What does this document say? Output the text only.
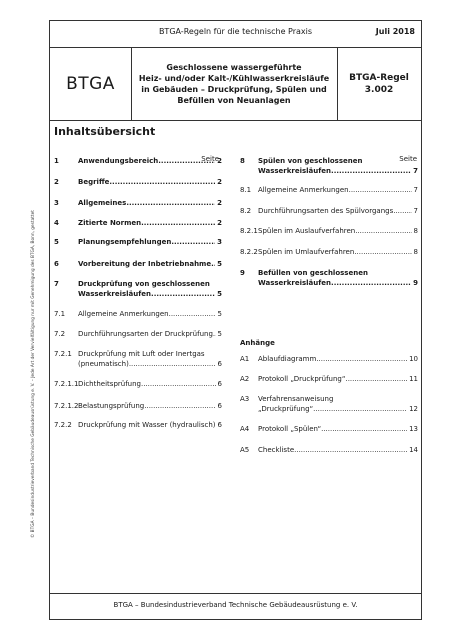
BTGA-Regeln für die technische Praxis	Juli 2018
BTGA
Geschlossene wassergeführte
Heiz- und/oder Kalt-/Kühlwasserkreisläufe
in Gebäuden – Druckprüfung, Spülen und
Befüllen von Neuanlagen
BTGA-Regel
3.002
Inhaltsübersicht
Seite	Seite
1	Anwendungsbereich .....	2
2	Begriffe .....	2
3	Allgemeines .....	2
4	Zitierte Normen .....	2
5	Planungsempfehlungen .....	3
6	Vorbereitung der Inbetriebnahme ..... 5
7	Druckprüfung von geschlossenen
Wasserkreisläufen .....	5
7.1 Allgemeine Anmerkungen .....	5
7.2 Durchführungsarten der Druckprüfung ..... 5
7.2.1 Druckprüfung mit Luft oder Inertgas
(pneumatisch) .....	6
7.2.1.1 Dichtheitsprüfung .....	6
7.2.1.2 Belastungsprüfung .....	6
7.2.2 Druckprüfung mit Wasser (hydraulisch) ..... 6
8 Spülen von geschlossenen
Wasserkreisläufen .....	7
8.1 Allgemeine Anmerkungen .....	7
8.2 Durchführungsarten des Spülvorgangs .....	7
8.2.1 Spülen im Auslaufverfahren .....	8
8.2.2 Spülen im Umlaufverfahren .....	8
9 Befüllen von geschlossenen
Wasserkreisläufen .....	9
Anhänge
A1 Ablaufdiagramm .....	10
A2 Protokoll „Druckprüfung“ .....	11
A3 Verfahrensanweisung
„Druckprüfung“ .....	12
A4 Protokoll „Spülen“ .....	13
A5 Checkliste .....	14
BTGA – Bundesindustrieverband Technische Gebäudeausrüstung e. V.
© BTGA – Bundesindustrieverband Technische Gebäudeausrüstung e. V. – Jede Art der Vervielfältigung nur mit Genehmigung des BTGA, Bonn, gestattet
